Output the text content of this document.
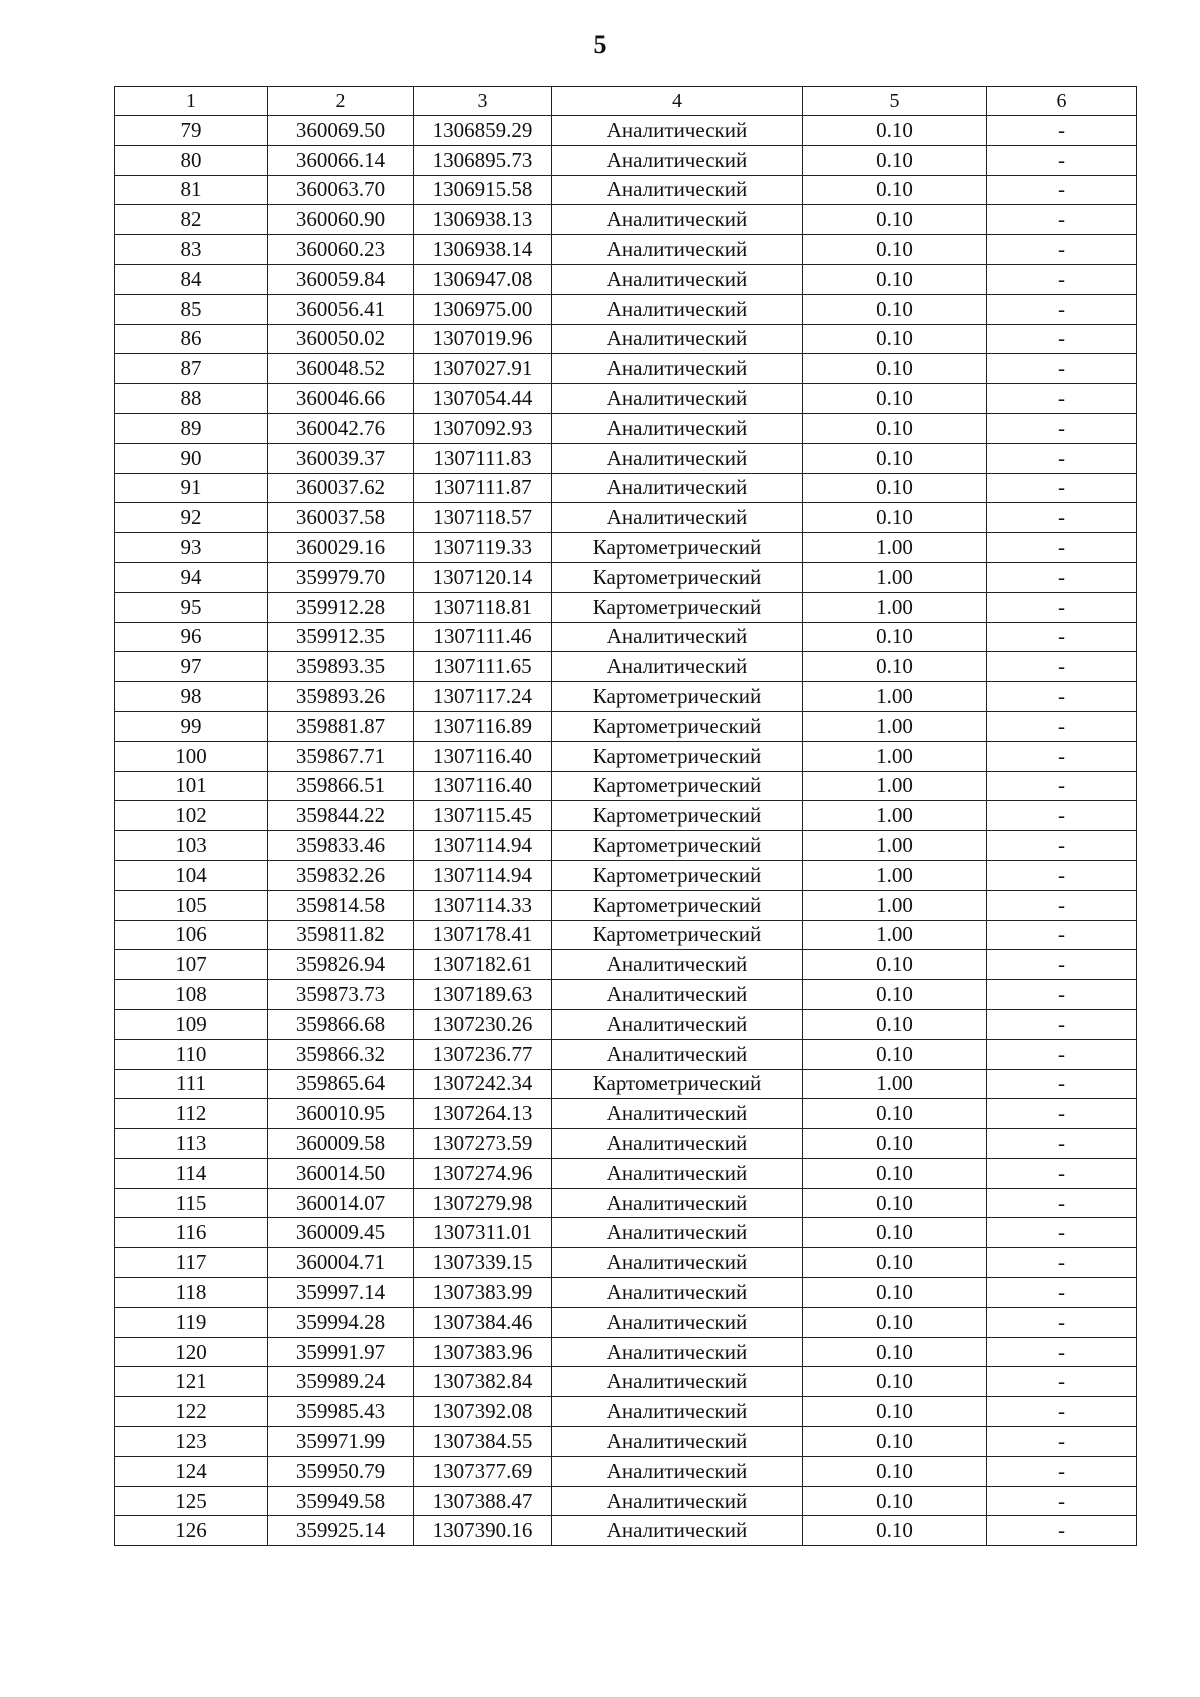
5
1	2	3	4	5	6
79	360069.50	1306859.29	Аналитический	0.10	-
80	360066.14	1306895.73	Аналитический	0.10	-
81	360063.70	1306915.58	Аналитический	0.10	-
82	360060.90	1306938.13	Аналитический	0.10	-
83	360060.23	1306938.14	Аналитический	0.10	-
84	360059.84	1306947.08	Аналитический	0.10	-
85	360056.41	1306975.00	Аналитический	0.10	-
86	360050.02	1307019.96	Аналитический	0.10	-
87	360048.52	1307027.91	Аналитический	0.10	-
88	360046.66	1307054.44	Аналитический	0.10	-
89	360042.76	1307092.93	Аналитический	0.10	-
90	360039.37	1307111.83	Аналитический	0.10	-
91	360037.62	1307111.87	Аналитический	0.10	-
92	360037.58	1307118.57	Аналитический	0.10	-
93	360029.16	1307119.33	Картометрический	1.00	-
94	359979.70	1307120.14	Картометрический	1.00	-
95	359912.28	1307118.81	Картометрический	1.00	-
96	359912.35	1307111.46	Аналитический	0.10	-
97	359893.35	1307111.65	Аналитический	0.10	-
98	359893.26	1307117.24	Картометрический	1.00	-
99	359881.87	1307116.89	Картометрический	1.00	-
100	359867.71	1307116.40	Картометрический	1.00	-
101	359866.51	1307116.40	Картометрический	1.00	-
102	359844.22	1307115.45	Картометрический	1.00	-
103	359833.46	1307114.94	Картометрический	1.00	-
104	359832.26	1307114.94	Картометрический	1.00	-
105	359814.58	1307114.33	Картометрический	1.00	-
106	359811.82	1307178.41	Картометрический	1.00	-
107	359826.94	1307182.61	Аналитический	0.10	-
108	359873.73	1307189.63	Аналитический	0.10	-
109	359866.68	1307230.26	Аналитический	0.10	-
110	359866.32	1307236.77	Аналитический	0.10	-
111	359865.64	1307242.34	Картометрический	1.00	-
112	360010.95	1307264.13	Аналитический	0.10	-
113	360009.58	1307273.59	Аналитический	0.10	-
114	360014.50	1307274.96	Аналитический	0.10	-
115	360014.07	1307279.98	Аналитический	0.10	-
116	360009.45	1307311.01	Аналитический	0.10	-
117	360004.71	1307339.15	Аналитический	0.10	-
118	359997.14	1307383.99	Аналитический	0.10	-
119	359994.28	1307384.46	Аналитический	0.10	-
120	359991.97	1307383.96	Аналитический	0.10	-
121	359989.24	1307382.84	Аналитический	0.10	-
122	359985.43	1307392.08	Аналитический	0.10	-
123	359971.99	1307384.55	Аналитический	0.10	-
124	359950.79	1307377.69	Аналитический	0.10	-
125	359949.58	1307388.47	Аналитический	0.10	-
126	359925.14	1307390.16	Аналитический	0.10	-
